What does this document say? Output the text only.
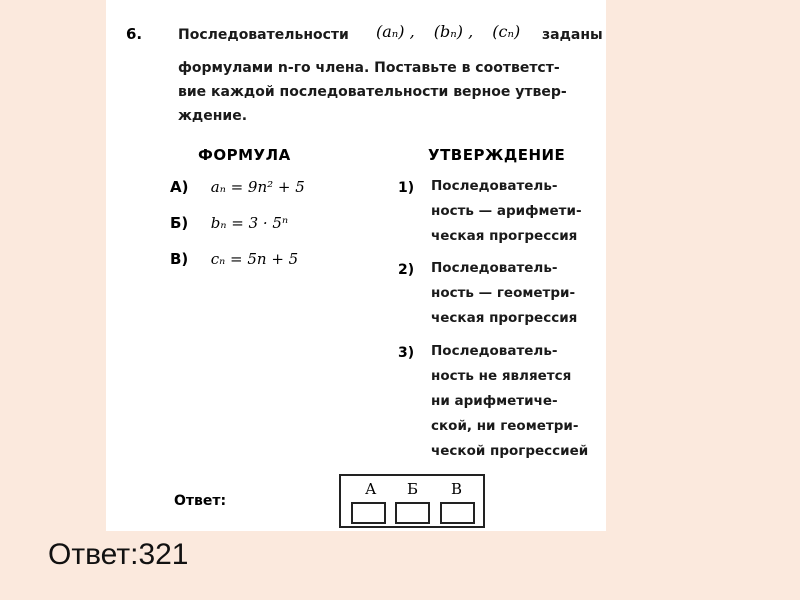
6.	Последовательности	(aₙ) , (bₙ) , (cₙ)	заданы
формулами n-го члена. Поставьте в соответст-
вие каждой последовательности верное утвер-
ждение.
ФОРМУЛА	УТВЕРЖДЕНИЕ
А) aₙ = 9n² + 5
Б) bₙ = 3 · 5ⁿ
В) cₙ = 5n + 5
1) Последователь-
ность — арифмети-
ческая прогрессия
2) Последователь-
ность — геометри-
ческая прогрессия
3) Последователь-
ность не является
ни арифметиче-
ской, ни геометри-
ческой прогрессией
Ответ:
А Б В
Ответ:321
